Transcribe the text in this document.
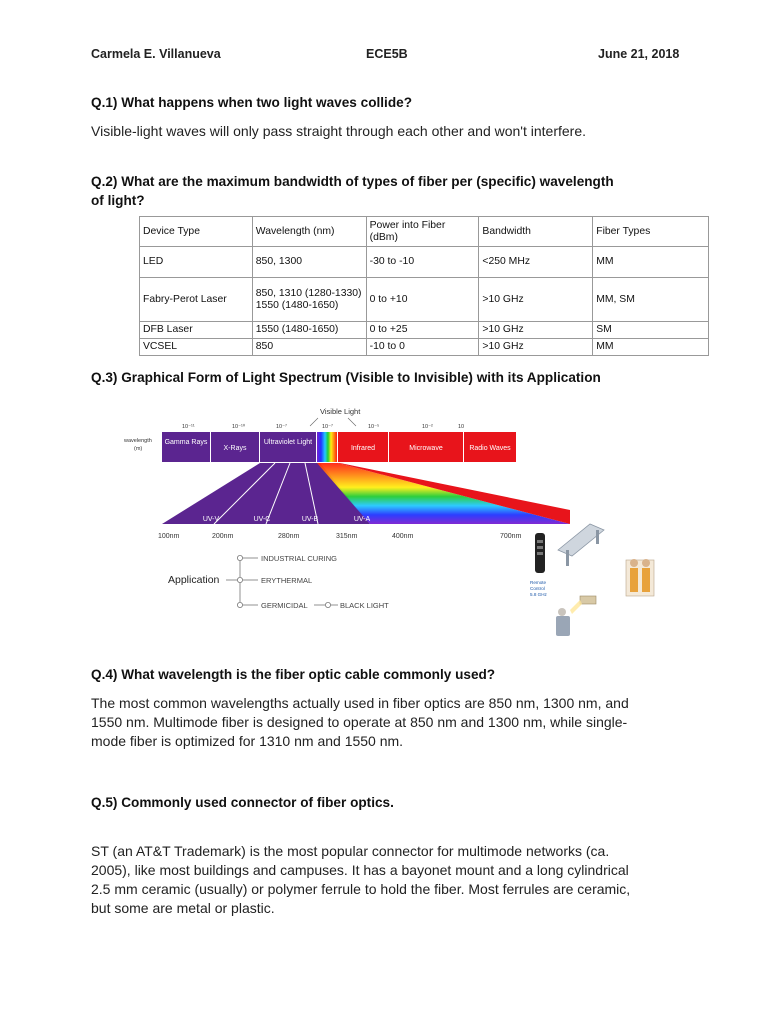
Carmela E. Villanueva	ECE5B	June 21, 2018
Q.1) What happens when two light waves collide?
Visible-light waves will only pass straight through each other and won't interfere.
Q.2) What are the maximum bandwidth of types of fiber per (specific) wavelength
of light?
Device Type	Wavelength (nm)	Power into Fiber (dBm)	Bandwidth	Fiber Types
LED	850, 1300	-30 to -10	<250 MHz	MM
Fabry-Perot Laser	850, 1310 (1280-1330) 1550 (1480-1650)	0 to +10	>10 GHz	MM, SM
DFB Laser	1550 (1480-1650)	0 to +25	>10 GHz	SM
VCSEL	850	-10 to 0	>10 GHz	MM
Q.3) Graphical Form of Light Spectrum (Visible to Invisible) with its Application
Visible Light
10⁻¹¹	10⁻¹⁰	10⁻⁷	10⁻⁷	10⁻⁵	10⁻²	10
wavelength
(m)
Gamma Rays
X-Rays
Ultraviolet Light
Infrared	Microwave	Radio Waves
UV-V	UV-C	UV-B	UV-A
100nm	200nm	280nm	315nm	400nm	700nm
Application
INDUSTRIAL CURING
ERYTHERMAL
GERMICIDAL	BLACK LIGHT
Remote
Control
5.8 GHz
Q.4) What wavelength is the fiber optic cable commonly used?
The most common wavelengths actually used in fiber optics are 850 nm, 1300 nm, and
1550 nm. Multimode fiber is designed to operate at 850 nm and 1300 nm, while single-
mode fiber is optimized for 1310 nm and 1550 nm.
Q.5) Commonly used connector of fiber optics.
ST (an AT&T Trademark) is the most popular connector for multimode networks (ca.
2005), like most buildings and campuses. It has a bayonet mount and a long cylindrical
2.5 mm ceramic (usually) or polymer ferrule to hold the fiber. Most ferrules are ceramic,
but some are metal or plastic.
